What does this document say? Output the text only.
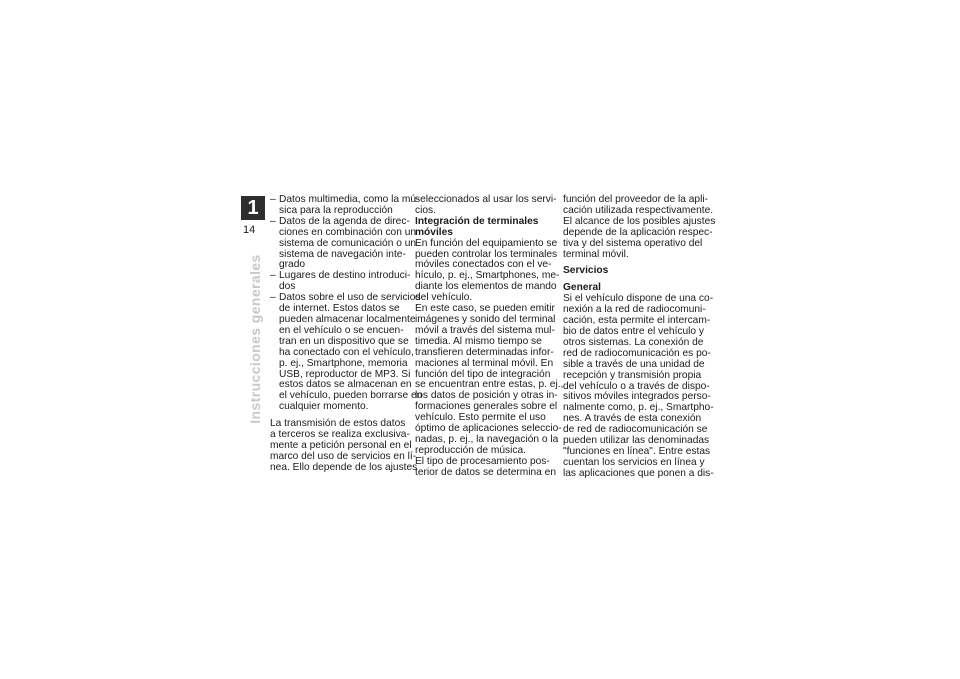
1
14
Instrucciones generales
– Datos multimedia, como la mú-
sica para la reproducción
– Datos de la agenda de direc-
ciones en combinación con un
sistema de comunicación o un
sistema de navegación inte-
grado
– Lugares de destino introduci-
dos
– Datos sobre el uso de servicios
de internet. Estos datos se
pueden almacenar localmente
en el vehículo o se encuen-
tran en un dispositivo que se
ha conectado con el vehículo,
p. ej., Smartphone, memoria
USB, reproductor de MP3. Si
estos datos se almacenan en
el vehículo, pueden borrarse en
cualquier momento.
La transmisión de estos datos
a terceros se realiza exclusiva-
mente a petición personal en el
marco del uso de servicios en lí-
nea. Ello depende de los ajustes
seleccionados al usar los servi-
cios.
Integración de terminales
móviles
En función del equipamiento se
pueden controlar los terminales
móviles conectados con el ve-
hículo, p. ej., Smartphones, me-
diante los elementos de mando
del vehículo.
En este caso, se pueden emitir
imágenes y sonido del terminal
móvil a través del sistema mul-
timedia. Al mismo tiempo se
transfieren determinadas infor-
maciones al terminal móvil. En
función del tipo de integración
se encuentran entre estas, p. ej.,
los datos de posición y otras in-
formaciones generales sobre el
vehículo. Esto permite el uso
óptimo de aplicaciones seleccio-
nadas, p. ej., la navegación o la
reproducción de música.
El tipo de procesamiento pos-
terior de datos se determina en
función del proveedor de la apli-
cación utilizada respectivamente.
El alcance de los posibles ajustes
depende de la aplicación respec-
tiva y del sistema operativo del
terminal móvil.
Servicios
General
Si el vehículo dispone de una co-
nexión a la red de radiocomuni-
cación, esta permite el intercam-
bio de datos entre el vehículo y
otros sistemas. La conexión de
red de radiocomunicación es po-
sible a través de una unidad de
recepción y transmisión propia
del vehículo o a través de dispo-
sitivos móviles integrados perso-
nalmente como, p. ej., Smartpho-
nes. A través de esta conexión
de red de radiocomunicación se
pueden utilizar las denominadas
"funciones en línea". Entre estas
cuentan los servicios en línea y
las aplicaciones que ponen a dis-
